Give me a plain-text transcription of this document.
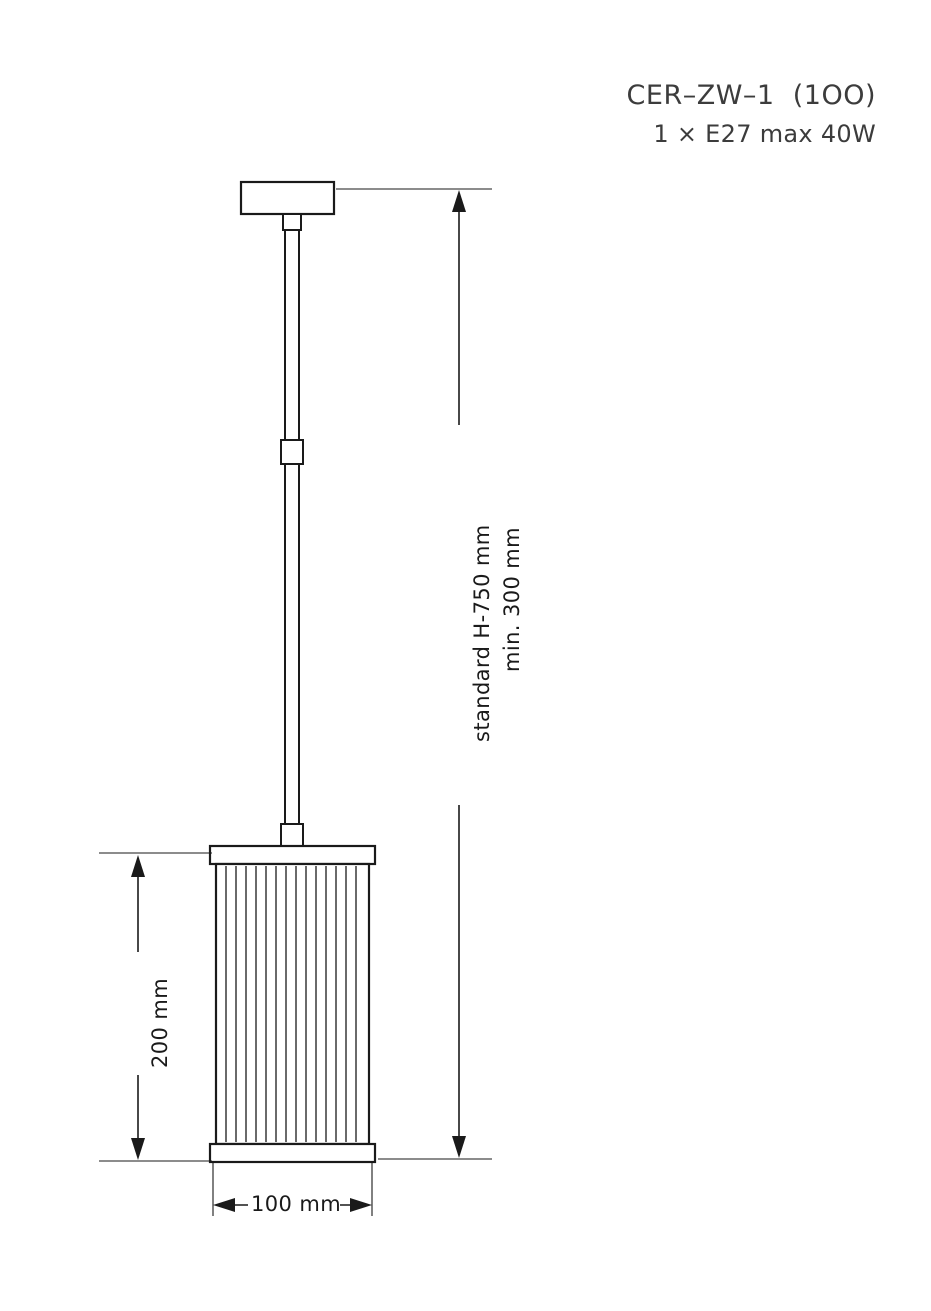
CER–ZW–1  (1OO)
1 × E27 max 40W
standard H-750 mm min. 300 mm
200 mm
100 mm
